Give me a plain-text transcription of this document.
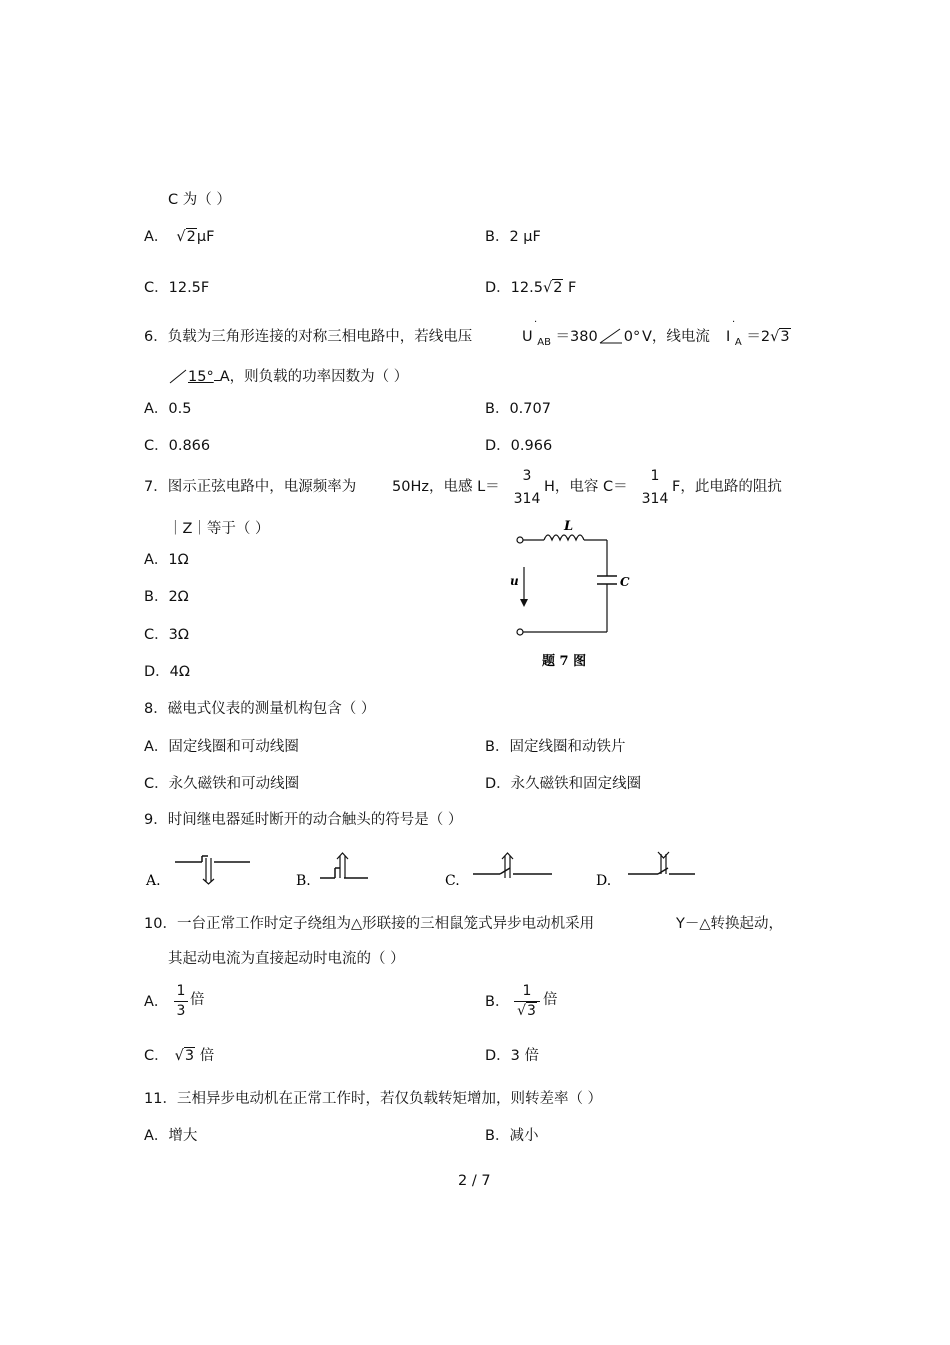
C 为（ ）
A． √2μF	B．2 μF
C．12.5F	D．12.5√2 F
6．负载为三角形连接的对称三相电路中，若线电压
·
U $_{AB}$ ＝380 0° V，线电流
·
I $_A$ ＝2√3
15° A，则负载的功率因数为（ ）
A．0.5	B．0.707
C．0.866	D．0.966
7．图示正弦电路中，电源频率为 50Hz，电感 L＝
3
314
H，电容 C＝
1
314
F，此电路的阻抗
｜Z｜等于（ ）
A．1Ω
B．2Ω
C．3Ω
D．4Ω
L
C
u
题 7 图
8．磁电式仪表的测量机构包含（ ）
A．固定线圈和可动线圈	B．固定线圈和动铁片
C．永久磁铁和可动线圈	D．永久磁铁和固定线圈
9．时间继电器延时断开的动合触头的符号是（ ）
A.	B.	C.	D.
10．一台正常工作时定子绕组为△形联接的三相鼠笼式异步电动机采用	Y－△转换起动，
其起动电流为直接起动时电流的（ ）
A．
1
3
倍	B．
1
√3
倍
C． √3 倍	D．3 倍
11．三相异步电动机在正常工作时，若仅负载转矩增加，则转差率（ ）
A．增大	B．减小
2 / 7
